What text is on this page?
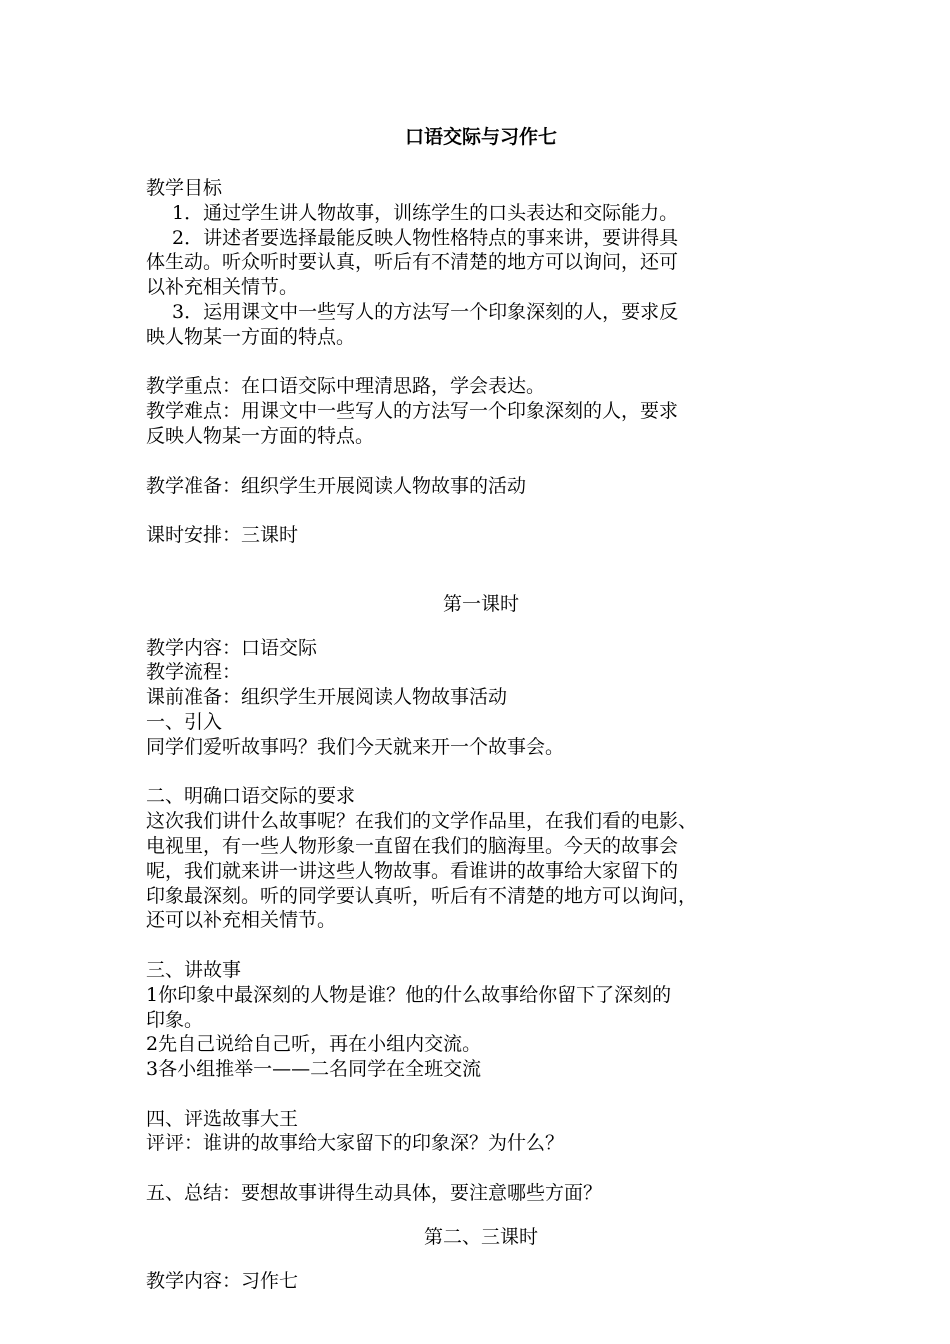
口语交际与习作七

教学目标

1．通过学生讲人物故事，训练学生的口头表达和交际能力。

2．讲述者要选择最能反映人物性格特点的事来讲，要讲得具

体生动。听众听时要认真，听后有不清楚的地方可以询问，还可

以补充相关情节。

3．运用课文中一些写人的方法写一个印象深刻的人，要求反

映人物某一方面的特点。

教学重点：在口语交际中理清思路，学会表达。

教学难点：用课文中一些写人的方法写一个印象深刻的人，要求

反映人物某一方面的特点。

教学准备：组织学生开展阅读人物故事的活动

课时安排：三课时

第一课时

教学内容：口语交际

教学流程：

课前准备：组织学生开展阅读人物故事活动

一、引入

同学们爱听故事吗？我们今天就来开一个故事会。

二、明确口语交际的要求

这次我们讲什么故事呢？在我们的文学作品里，在我们看的电影、

电视里，有一些人物形象一直留在我们的脑海里。今天的故事会

呢，我们就来讲一讲这些人物故事。看谁讲的故事给大家留下的

印象最深刻。听的同学要认真听，听后有不清楚的地方可以询问，

还可以补充相关情节。

三、讲故事

1你印象中最深刻的人物是谁？他的什么故事给你留下了深刻的

印象。

2先自己说给自己听，再在小组内交流。

3各小组推举一——二名同学在全班交流

四、评选故事大王

评评：谁讲的故事给大家留下的印象深？为什么？

五、总结：要想故事讲得生动具体，要注意哪些方面？

第二、三课时

教学内容：习作七
